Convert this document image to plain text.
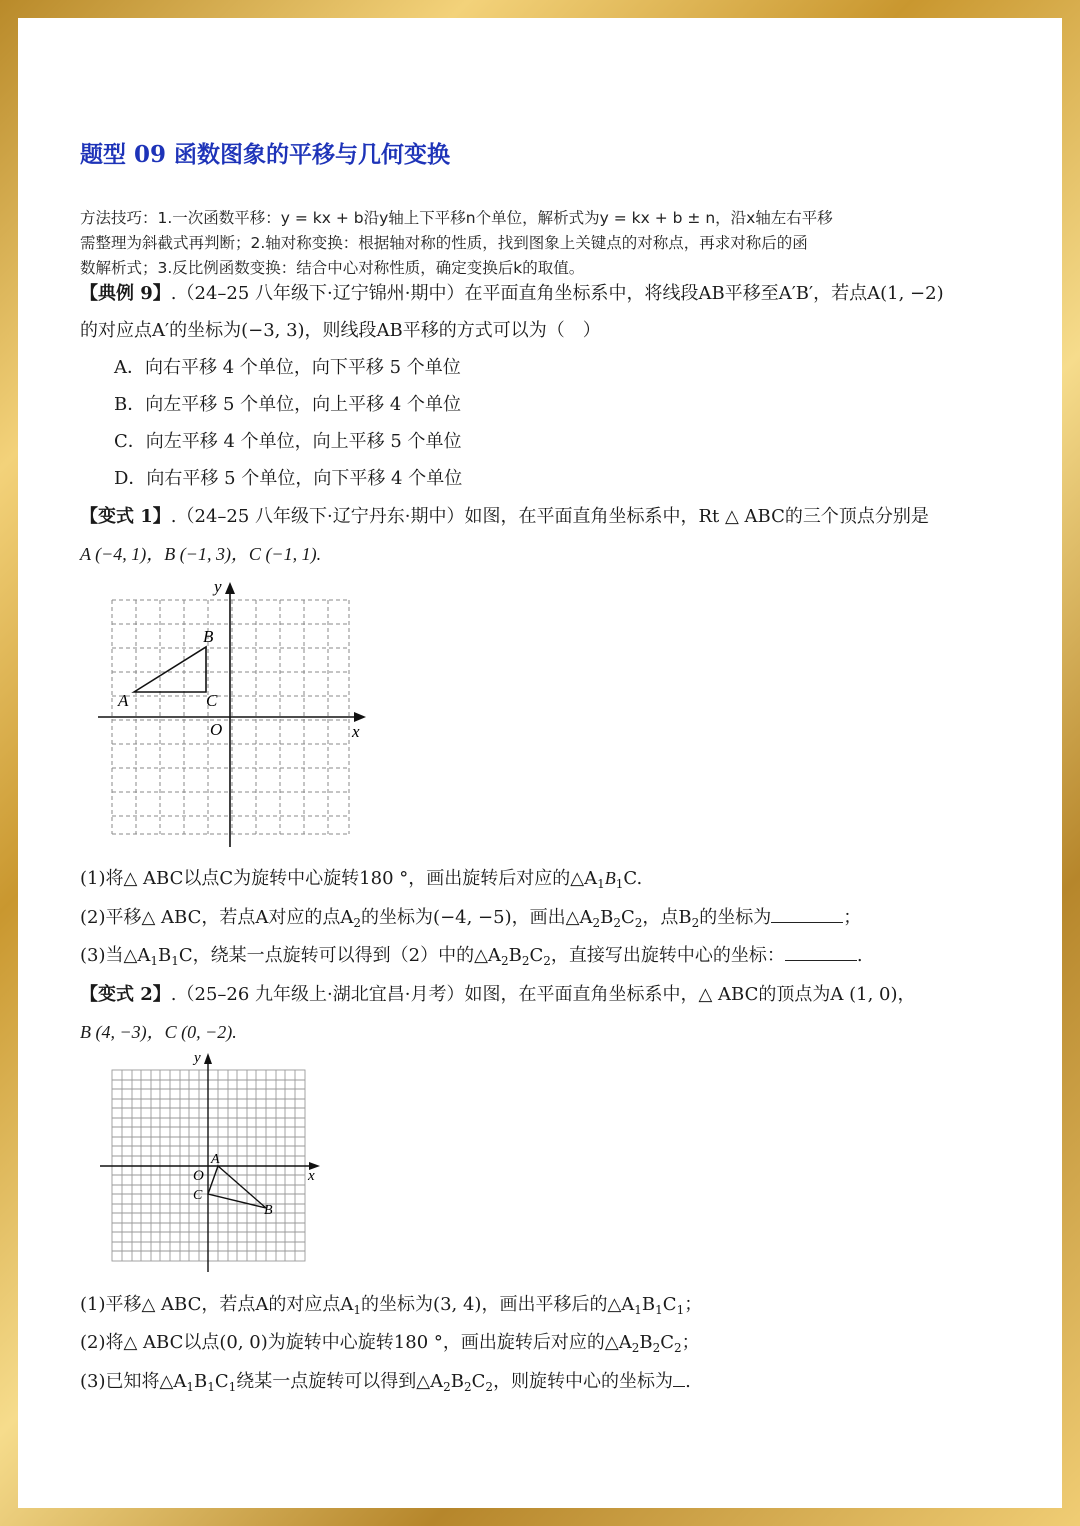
题型 09 函数图象的平移与几何变换
方法技巧：1.一次函数平移：y = kx + b沿y轴上下平移n个单位，解析式为y = kx + b ± n，沿x轴左右平移
需整理为斜截式再判断；2.轴对称变换：根据轴对称的性质，找到图象上关键点的对称点，再求对称后的函
数解析式；3.反比例函数变换：结合中心对称性质，确定变换后k的取值。
【典例 9】.（24–25 八年级下·辽宁锦州·期中）在平面直角坐标系中，将线段AB平移至A′B′，若点A(1, −2)
的对应点A′的坐标为(−3, 3)，则线段AB平移的方式可以为（　）
A．向右平移 4 个单位，向下平移 5 个单位
B．向左平移 5 个单位，向上平移 4 个单位
C．向左平移 4 个单位，向上平移 5 个单位
D．向右平移 5 个单位，向下平移 4 个单位
【变式 1】.（24–25 八年级下·辽宁丹东·期中）如图，在平面直角坐标系中，Rt △ ABC的三个顶点分别是
A (−4, 1)，B (−1, 3)，C (−1, 1).
y
x
O
A
B
C
(1)将△ ABC以点C为旋转中心旋转180 °，画出旋转后对应的$\triangle A_1B_1C$.
(2)平移△ ABC，若点A对应的点$A_2$的坐标为(−4, −5)，画出$\triangle A_2B_2C_2$，点$B_2$的坐标为	；
(3)当$\triangle A_1B_1C$，绕某一点旋转可以得到（2）中的$\triangle A_2B_2C_2$，直接写出旋转中心的坐标：	.
【变式 2】.（25–26 九年级上·湖北宜昌·月考）如图，在平面直角坐标系中，△ ABC的顶点为A (1, 0)，
B (4, −3)，C (0, −2).
y
x
O
A
B
C
(1)平移△ ABC，若点A的对应点$A_1$的坐标为(3, 4)，画出平移后的$\triangle A_1B_1C_1$；
(2)将△ ABC以点(0, 0)为旋转中心旋转180 °，画出旋转后对应的$\triangle A_2B_2C_2$；
(3)已知将$\triangle A_1B_1C_1$绕某一点旋转可以得到$\triangle A_2B_2C_2$，则旋转中心的坐标为 .
